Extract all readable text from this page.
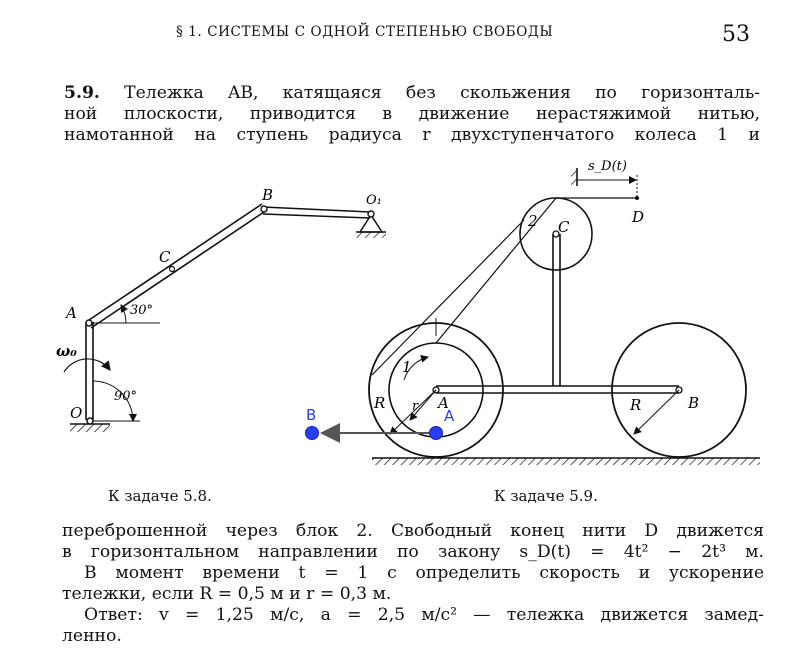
§ 1. СИСТЕМЫ С ОДНОЙ СТЕПЕНЬЮ СВОБОДЫ	53
5.9. Тележка AB, катящаяся без скольжения по горизонталь-
ной плоскости, приводится в движение нерастяжимой нитью,
намотанной на ступень радиуса r двухступенчатого колеса 1 и
A
B
C
O
O₁
ω₀
30°
90°
1
2 C
D
A	B
R r	R
s_D(t)
B	A
К задаче 5.8.	К задаче 5.9.
переброшенной через блок 2. Свободный конец нити D движется
в горизонтальном направлении по закону s_D(t) = 4t² − 2t³ м.
В момент времени t = 1 с определить скорость и ускорение
тележки, если R = 0,5 м и r = 0,3 м.
Ответ: v = 1,25 м/с, a = 2,5 м/с² — тележка движется замед-
ленно.
